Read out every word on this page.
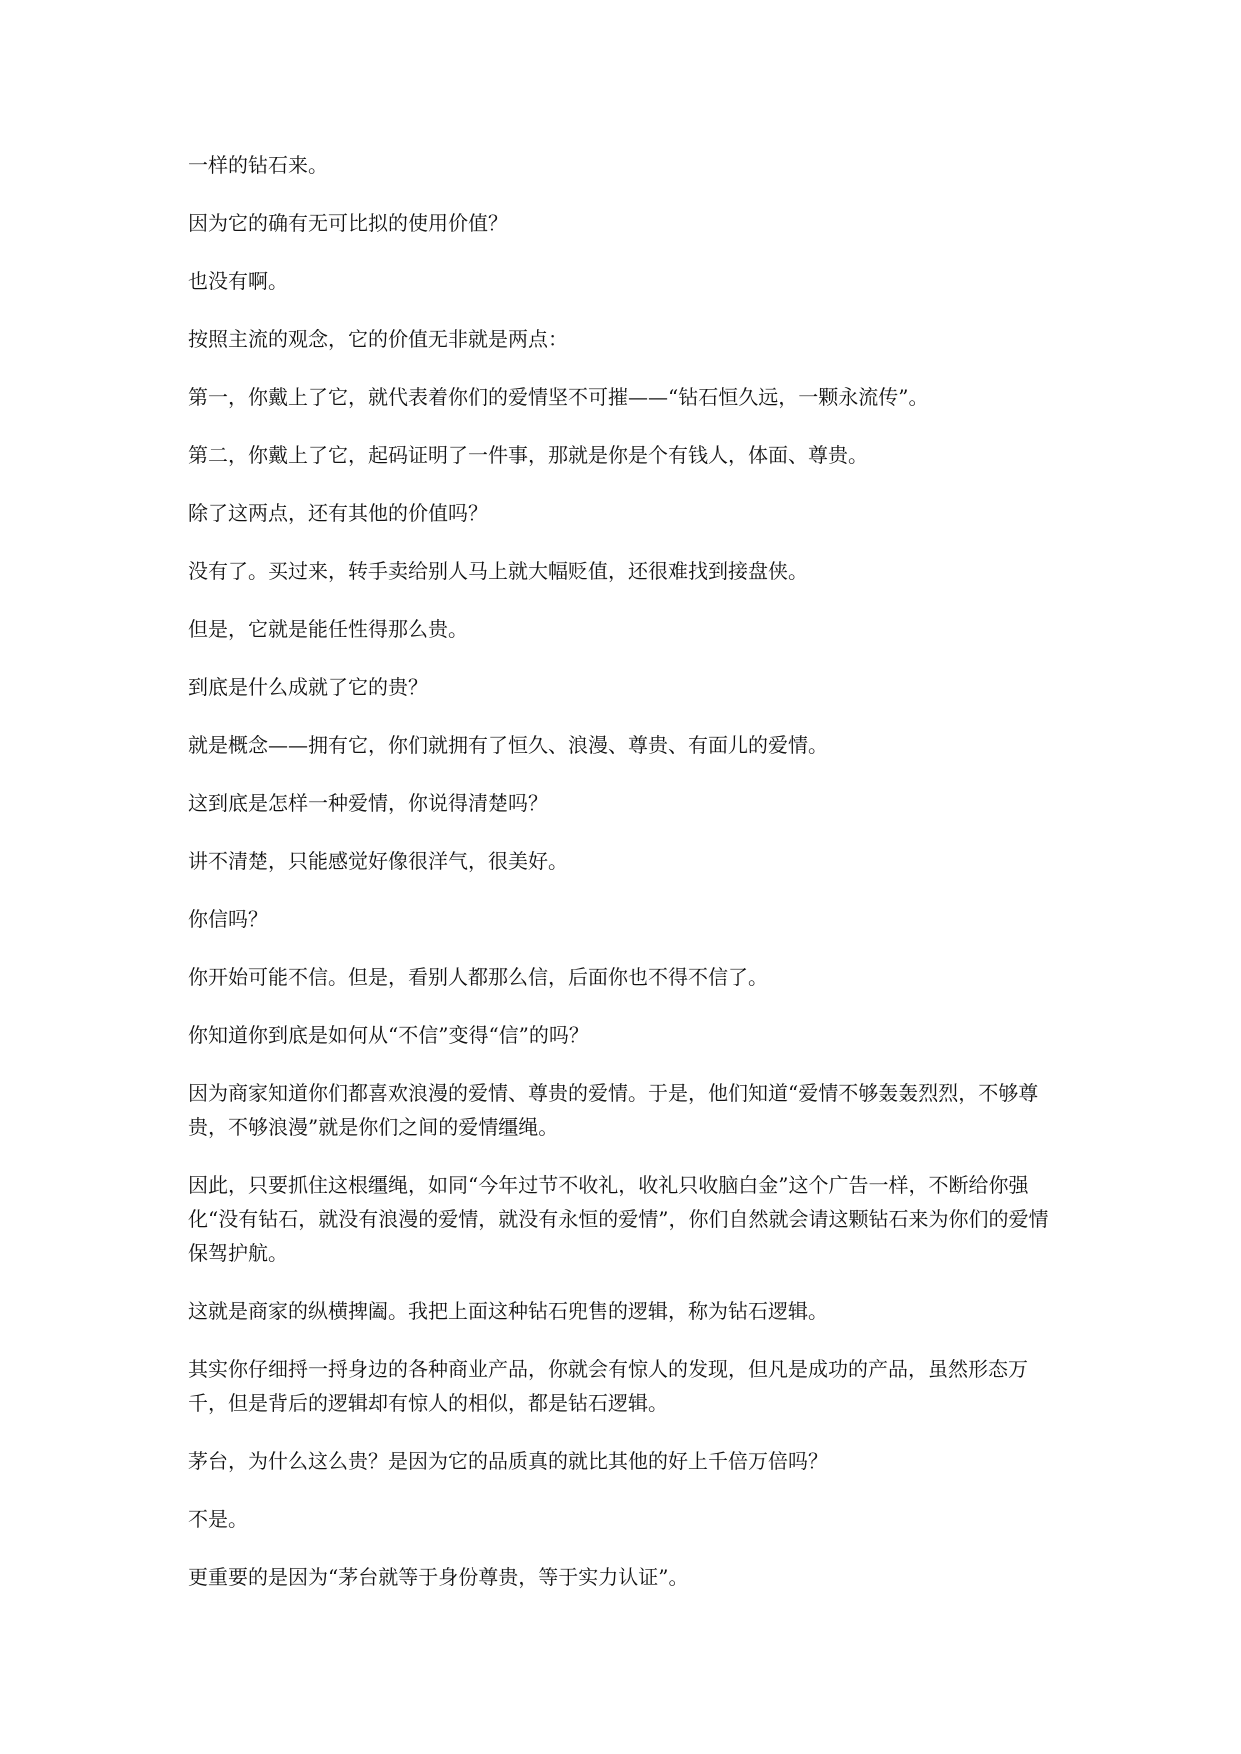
一样的钻石来。

因为它的确有无可比拟的使用价值？

也没有啊。

按照主流的观念，它的价值无非就是两点：

第一，你戴上了它，就代表着你们的爱情坚不可摧——“钻石恒久远，一颗永流传”。

第二，你戴上了它，起码证明了一件事，那就是你是个有钱人，体面、尊贵。

除了这两点，还有其他的价值吗？

没有了。买过来，转手卖给别人马上就大幅贬值，还很难找到接盘侠。

但是，它就是能任性得那么贵。

到底是什么成就了它的贵？

就是概念——拥有它，你们就拥有了恒久、浪漫、尊贵、有面儿的爱情。

这到底是怎样一种爱情，你说得清楚吗？

讲不清楚，只能感觉好像很洋气，很美好。

你信吗？

你开始可能不信。但是，看别人都那么信，后面你也不得不信了。

你知道你到底是如何从“不信”变得“信”的吗？

因为商家知道你们都喜欢浪漫的爱情、尊贵的爱情。于是，他们知道“爱情不够轰轰烈烈，不够尊贵，不够浪漫”就是你们之间的爱情缰绳。

因此，只要抓住这根缰绳，如同“今年过节不收礼，收礼只收脑白金”这个广告一样，不断给你强化“没有钻石，就没有浪漫的爱情，就没有永恒的爱情”，你们自然就会请这颗钻石来为你们的爱情保驾护航。

这就是商家的纵横捭阖。我把上面这种钻石兜售的逻辑，称为钻石逻辑。

其实你仔细捋一捋身边的各种商业产品，你就会有惊人的发现，但凡是成功的产品，虽然形态万千，但是背后的逻辑却有惊人的相似，都是钻石逻辑。

茅台，为什么这么贵？是因为它的品质真的就比其他的好上千倍万倍吗？

不是。

更重要的是因为“茅台就等于身份尊贵，等于实力认证”。
